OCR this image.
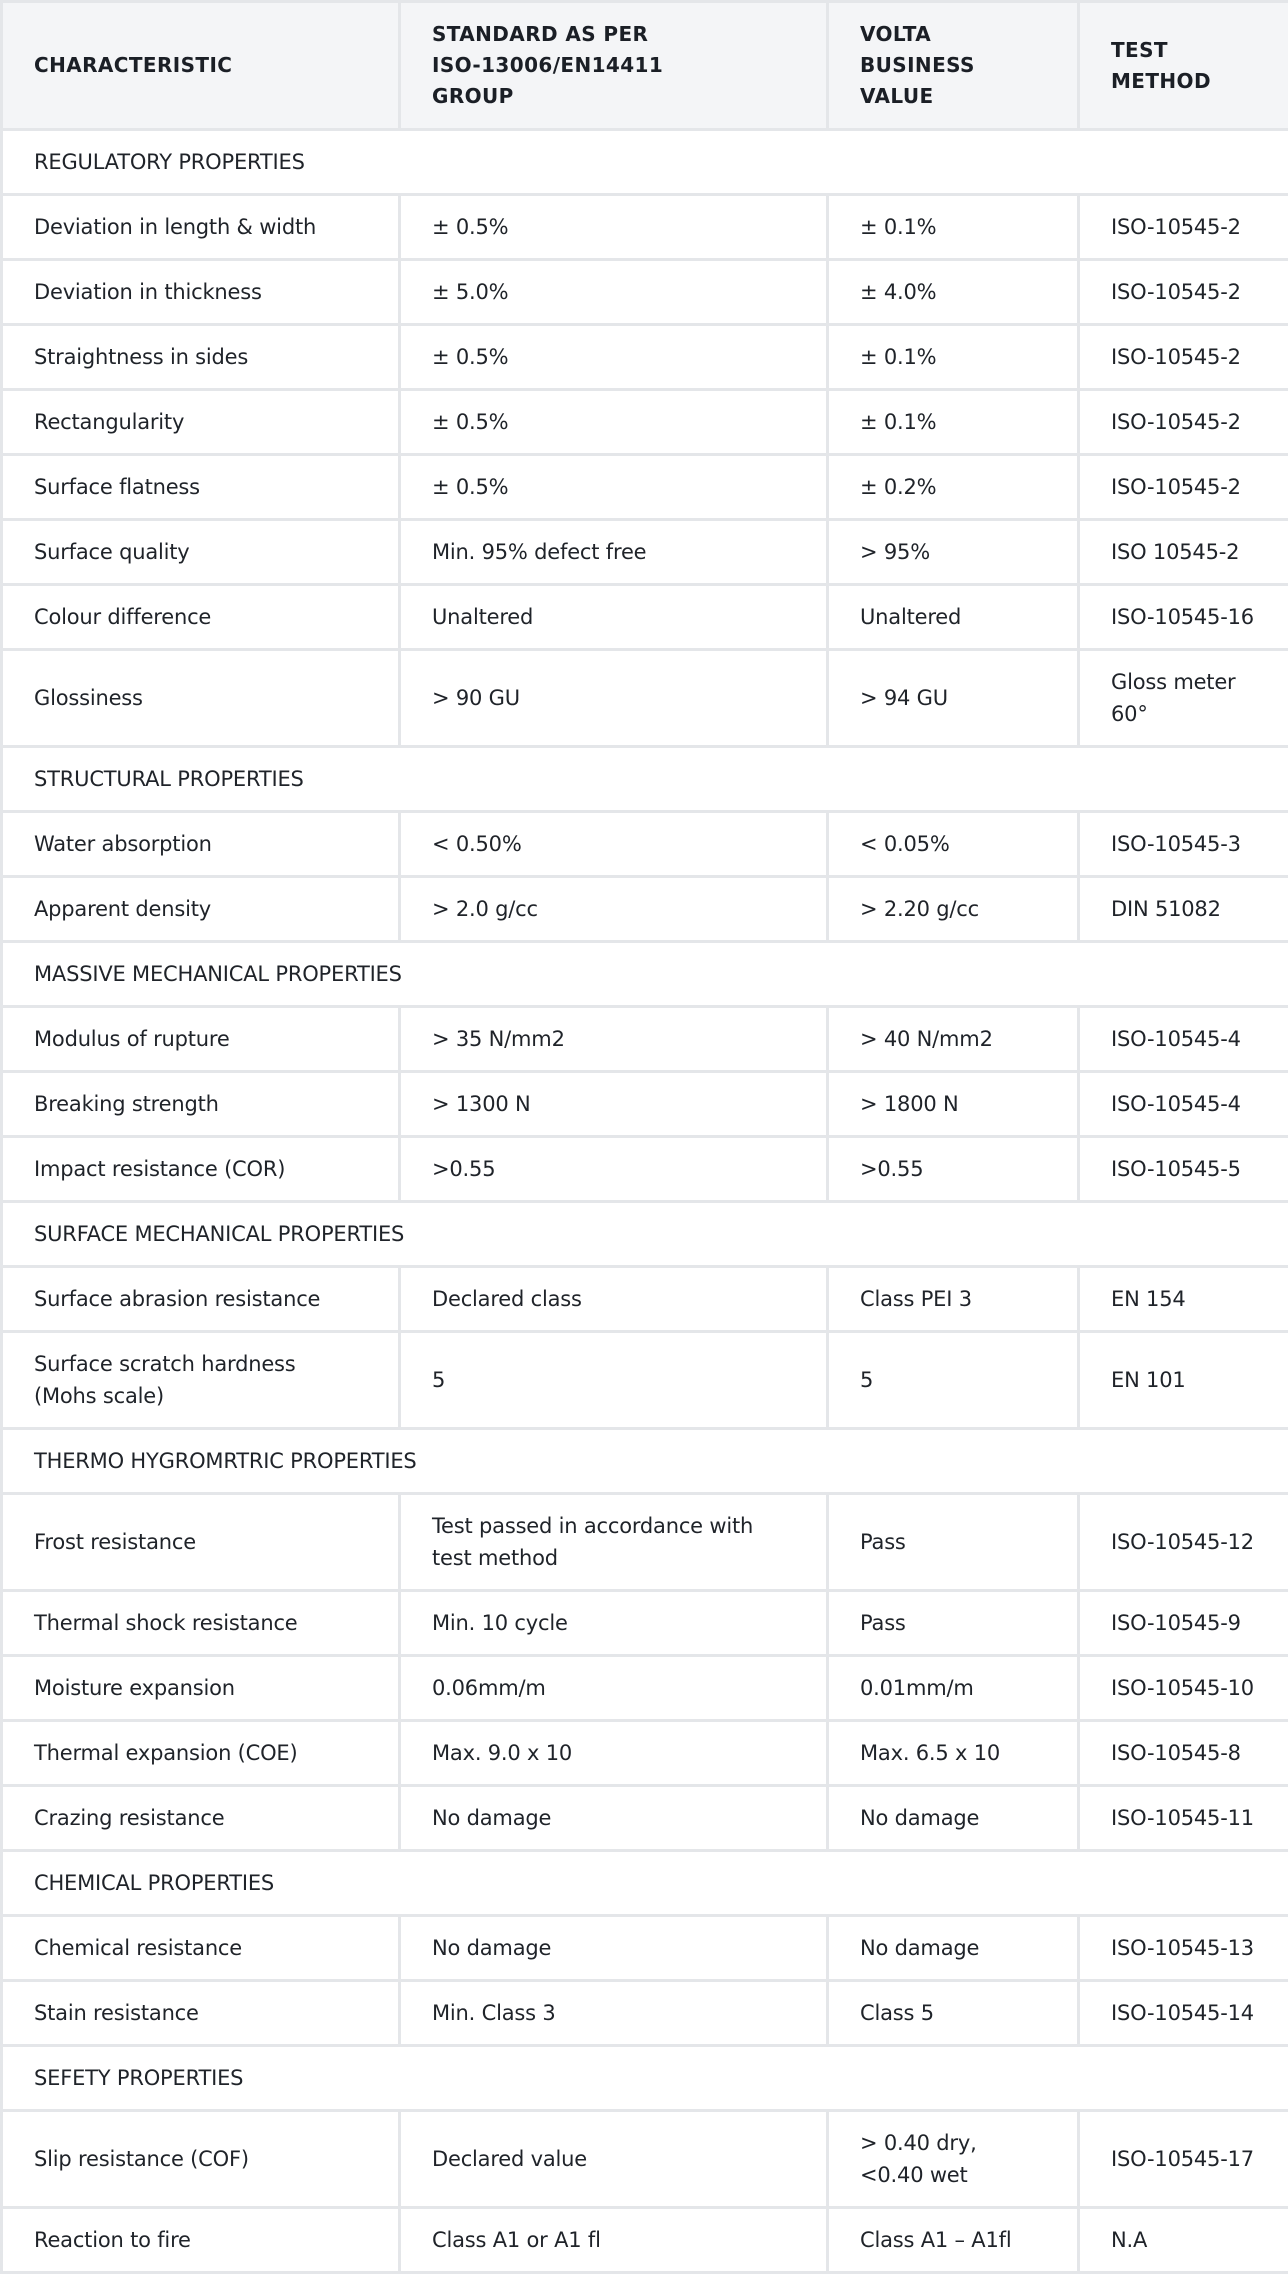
CHARACTERISTIC	STANDARD AS PER ISO-13006/EN14411 GROUP	VOLTA BUSINESS VALUE	TEST METHOD
REGULATORY PROPERTIES			
Deviation in length & width	± 0.5%	± 0.1%	ISO-10545-2
Deviation in thickness	± 5.0%	± 4.0%	ISO-10545-2
Straightness in sides	± 0.5%	± 0.1%	ISO-10545-2
Rectangularity	± 0.5%	± 0.1%	ISO-10545-2
Surface flatness	± 0.5%	± 0.2%	ISO-10545-2
Surface quality	Min. 95% defect free	> 95%	ISO 10545-2
Colour difference	Unaltered	Unaltered	ISO-10545-16
Glossiness	> 90 GU	> 94 GU	Gloss meter 60°
STRUCTURAL PROPERTIES			
Water absorption	< 0.50%	< 0.05%	ISO-10545-3
Apparent density	> 2.0 g/cc	> 2.20 g/cc	DIN 51082
MASSIVE MECHANICAL PROPERTIES			
Modulus of rupture	> 35 N/mm2	> 40 N/mm2	ISO-10545-4
Breaking strength	> 1300 N	> 1800 N	ISO-10545-4
Impact resistance (COR)	>0.55	>0.55	ISO-10545-5
SURFACE MECHANICAL PROPERTIES			
Surface abrasion resistance	Declared class	Class PEI 3	EN 154
Surface scratch hardness (Mohs scale)	5	5	EN 101
THERMO HYGROMRTRIC PROPERTIES			
Frost resistance	Test passed in accordance with test method	Pass	ISO-10545-12
Thermal shock resistance	Min. 10 cycle	Pass	ISO-10545-9
Moisture expansion	0.06mm/m	0.01mm/m	ISO-10545-10
Thermal expansion (COE)	Max. 9.0 x 10	Max. 6.5 x 10	ISO-10545-8
Crazing resistance	No damage	No damage	ISO-10545-11
CHEMICAL PROPERTIES			
Chemical resistance	No damage	No damage	ISO-10545-13
Stain resistance	Min. Class 3	Class 5	ISO-10545-14
SEFETY PROPERTIES			
Slip resistance (COF)	Declared value	> 0.40 dry, <0.40 wet	ISO-10545-17
Reaction to fire	Class A1 or A1 fl	Class A1 – A1fl	N.A
